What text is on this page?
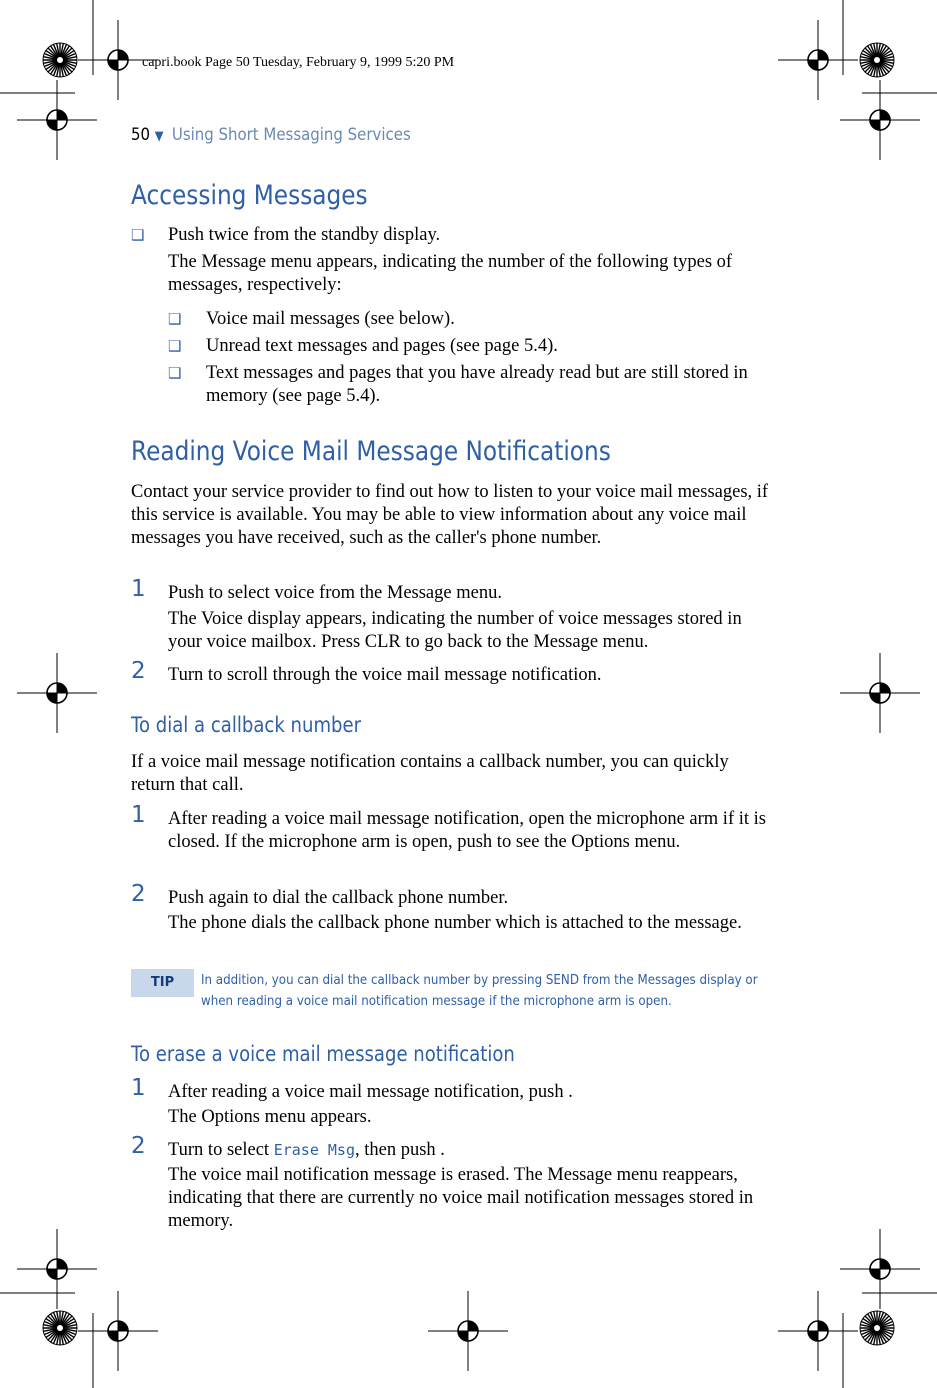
capri.book Page 50 Tuesday, February 9, 1999 5:20 PM
50 ▼ Using Short Messaging Services
Accessing Messages
❑ Push twice from the standby display.
The Message menu appears, indicating the number of the following types of messages, respectively:
❑ Voice mail messages (see below).
❑ Unread text messages and pages (see page 5.4).
❑ Text messages and pages that you have already read but are still stored in memory (see page 5.4).
Reading Voice Mail Message Notifications
Contact your service provider to find out how to listen to your voice mail messages, if this service is available. You may be able to view information about any voice mail messages you have received, such as the caller's phone number.
1 Push to select voice from the Message menu.
The Voice display appears, indicating the number of voice messages stored in your voice mailbox. Press CLR to go back to the Message menu.
2 Turn to scroll through the voice mail message notification.
To dial a callback number
If a voice mail message notification contains a callback number, you can quickly return that call.
1 After reading a voice mail message notification, open the microphone arm if it is closed. If the microphone arm is open, push to see the Options menu.
2 Push again to dial the callback phone number.
The phone dials the callback phone number which is attached to the message.
TIP	In addition, you can dial the callback number by pressing SEND from the Messages display or when reading a voice mail notification message if the microphone arm is open.
To erase a voice mail message notification
1 After reading a voice mail message notification, push .
The Options menu appears.
2 Turn to select Erase Msg, then push .
The voice mail notification message is erased. The Message menu reappears, indicating that there are currently no voice mail notification messages stored in memory.
